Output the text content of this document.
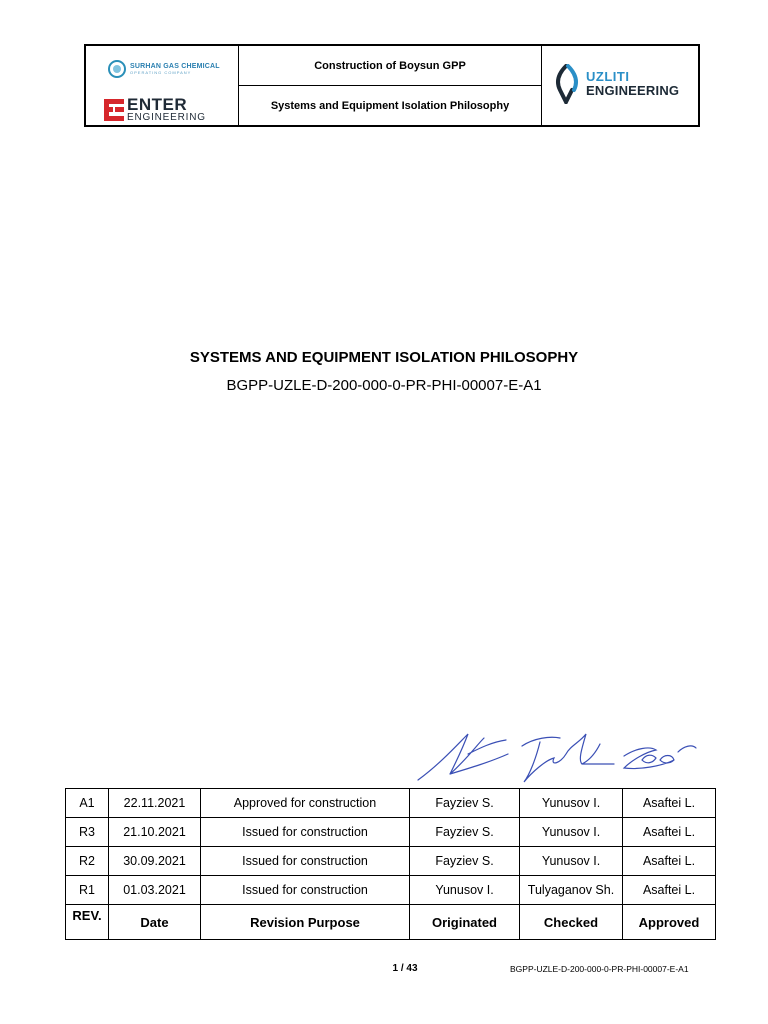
SURHAN GAS CHEMICAL
OPERATING COMPANY
ENTER
ENGINEERING
Construction of Boysun GPP
Systems and Equipment Isolation Philosophy
UZLITI
ENGINEERING
SYSTEMS AND EQUIPMENT ISOLATION PHILOSOPHY
BGPP-UZLE-D-200-000-0-PR-PHI-00007-E-A1
A1	22.11.2021	Approved for construction	Fayziev S.	Yunusov I.	Asaftei L.
R3	21.10.2021	Issued for construction	Fayziev S.	Yunusov I.	Asaftei L.
R2	30.09.2021	Issued for construction	Fayziev S.	Yunusov I.	Asaftei L.
R1	01.03.2021	Issued for construction	Yunusov I.	Tulyaganov Sh.	Asaftei L.
REV.	Date	Revision Purpose	Originated	Checked	Approved
1 / 43	BGPP-UZLE-D-200-000-0-PR-PHI-00007-E-A1
